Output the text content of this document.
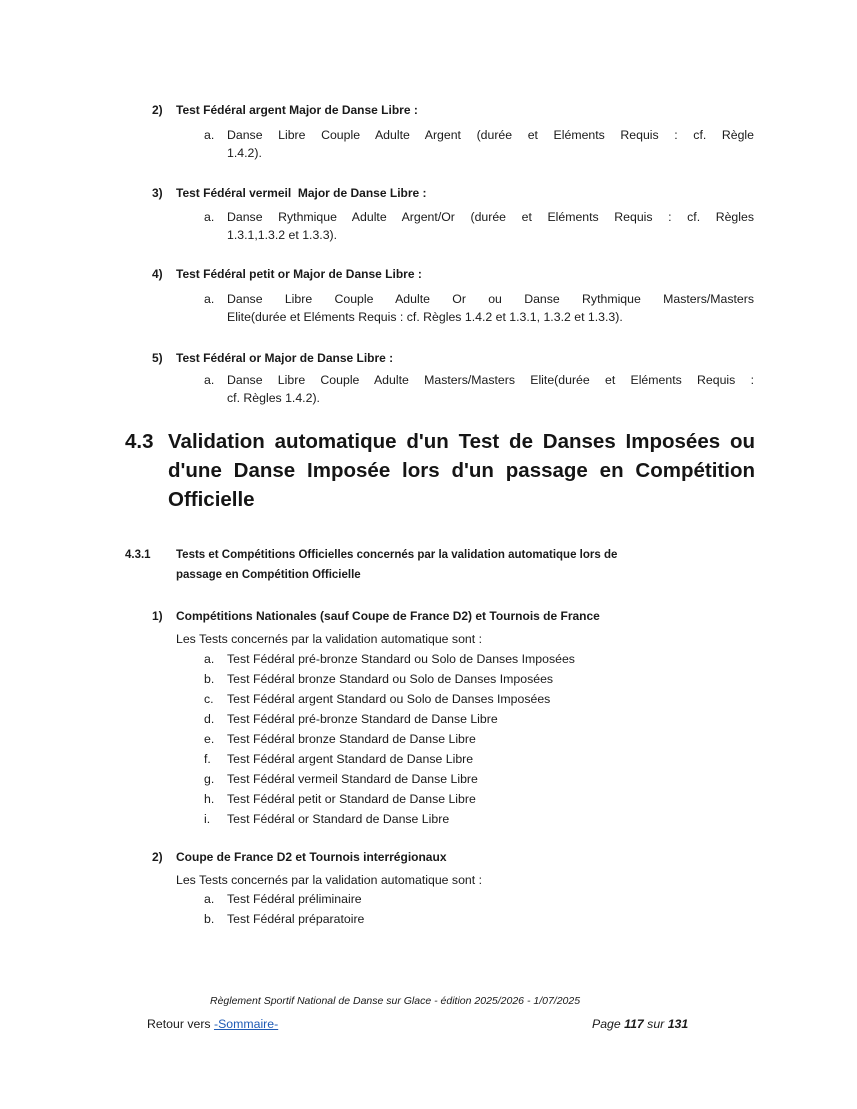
2) Test Fédéral argent Major de Danse Libre :
a. Danse Libre Couple Adulte Argent (durée et Eléments Requis : cf. Règle
1.4.2).
3) Test Fédéral vermeil  Major de Danse Libre :
a. Danse Rythmique Adulte Argent/Or (durée et Eléments Requis : cf. Règles
1.3.1,1.3.2 et 1.3.3).
4) Test Fédéral petit or Major de Danse Libre :
a. Danse Libre Couple Adulte Or ou Danse Rythmique Masters/Masters
Elite(durée et Eléments Requis : cf. Règles 1.4.2 et 1.3.1, 1.3.2 et 1.3.3).
5) Test Fédéral or Major de Danse Libre :
a. Danse Libre Couple Adulte Masters/Masters Elite(durée et Eléments Requis :
cf. Règles 1.4.2).
4.3 Validation automatique d'un Test de Danses Imposées ou
d'une Danse Imposée lors d'un passage en Compétition
Officielle
4.3.1 Tests et Compétitions Officielles concernés par la validation automatique lors de
passage en Compétition Officielle
1) Compétitions Nationales (sauf Coupe de France D2) et Tournois de France
Les Tests concernés par la validation automatique sont :
a. Test Fédéral pré-bronze Standard ou Solo de Danses Imposées
b. Test Fédéral bronze Standard ou Solo de Danses Imposées
c. Test Fédéral argent Standard ou Solo de Danses Imposées
d. Test Fédéral pré-bronze Standard de Danse Libre
e. Test Fédéral bronze Standard de Danse Libre
f. Test Fédéral argent Standard de Danse Libre
g. Test Fédéral vermeil Standard de Danse Libre
h. Test Fédéral petit or Standard de Danse Libre
i. Test Fédéral or Standard de Danse Libre
2) Coupe de France D2 et Tournois interrégionaux
Les Tests concernés par la validation automatique sont :
a. Test Fédéral préliminaire
b. Test Fédéral préparatoire
Règlement Sportif National de Danse sur Glace - édition 2025/2026 - 1/07/2025
Retour vers -Sommaire-	Page 117 sur 131
